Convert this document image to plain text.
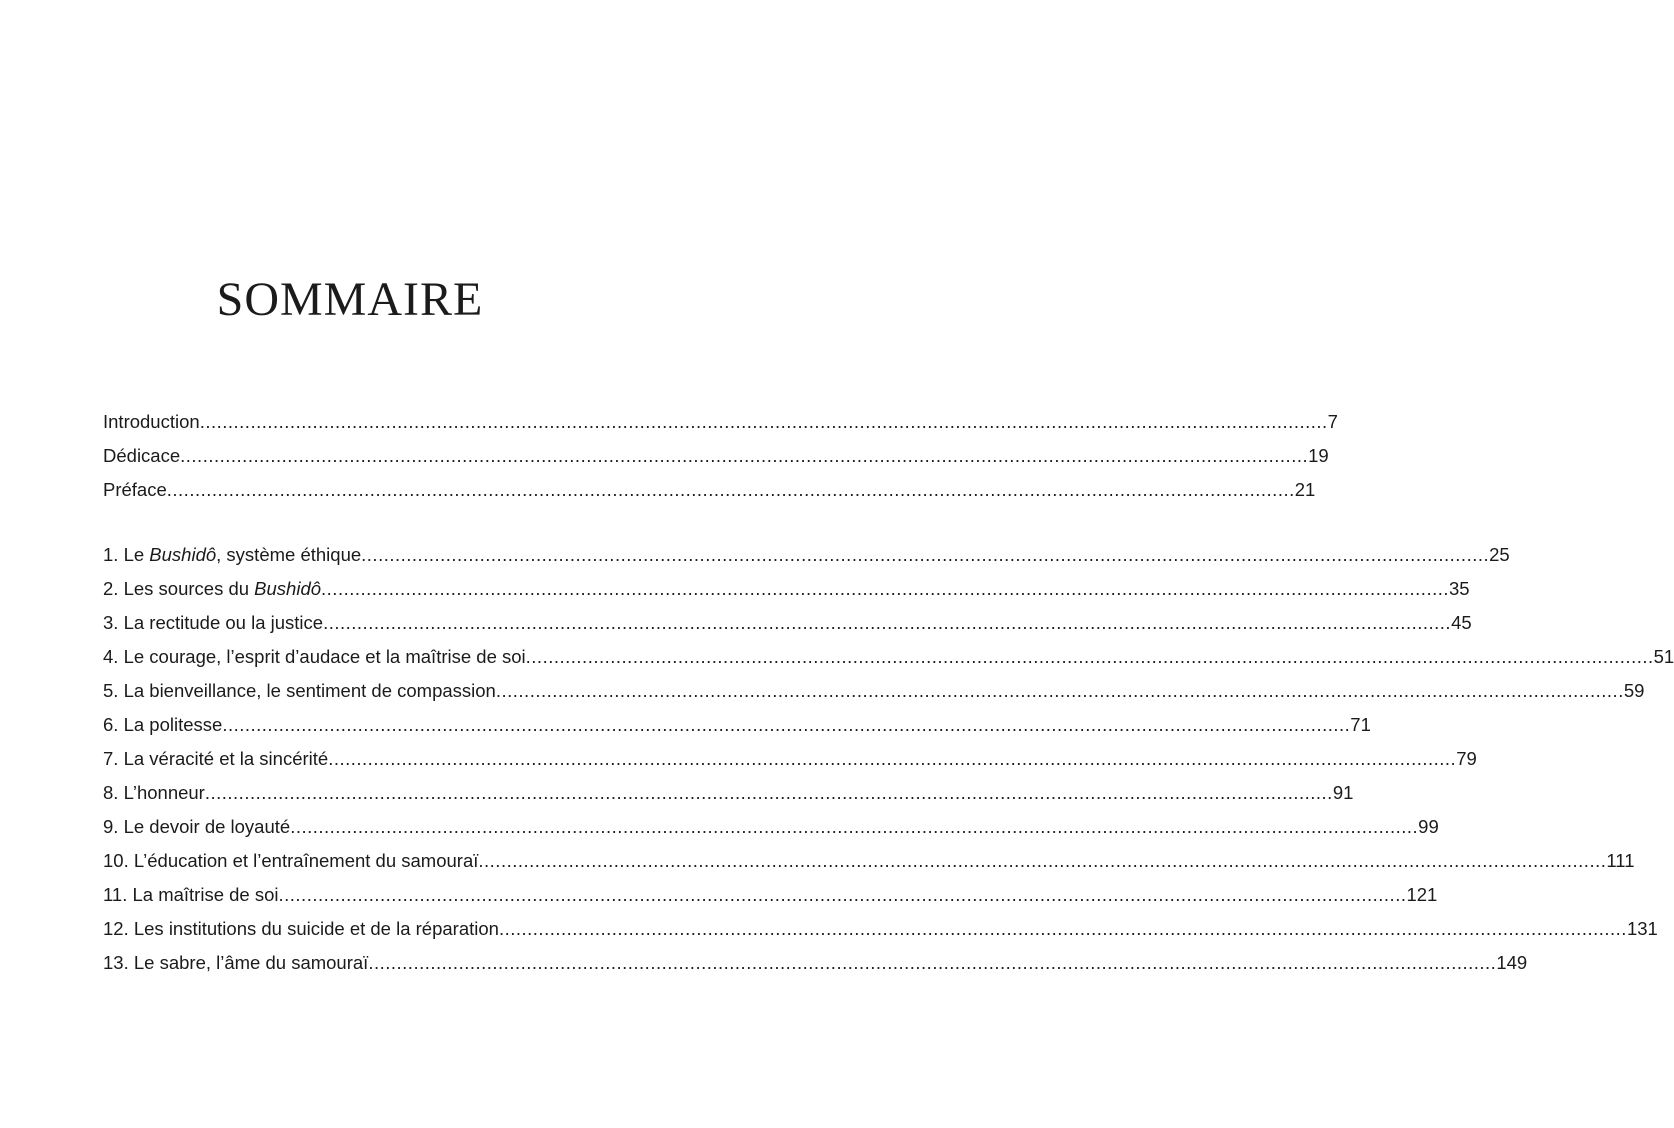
SOMMAIRE
Introduction ........................................................................................................................................................................................................ 7
Dédicace ........................................................................................................................................................................................................ 19
Préface ........................................................................................................................................................................................................ 21
1. Le Bushidô, système éthique ........................................................................................................................................................................................................ 25
2. Les sources du Bushidô ........................................................................................................................................................................................................ 35
3. La rectitude ou la justice ........................................................................................................................................................................................................ 45
4. Le courage, l’esprit d’audace et la maîtrise de soi ........................................................................................................................................................................................................ 51
5. La bienveillance, le sentiment de compassion ........................................................................................................................................................................................................ 59
6. La politesse ........................................................................................................................................................................................................ 71
7. La véracité et la sincérité ........................................................................................................................................................................................................ 79
8. L’honneur ........................................................................................................................................................................................................ 91
9. Le devoir de loyauté ........................................................................................................................................................................................................ 99
10. L’éducation et l’entraînement du samouraï ........................................................................................................................................................................................................ 111
11. La maîtrise de soi ........................................................................................................................................................................................................ 121
12. Les institutions du suicide et de la réparation ........................................................................................................................................................................................................ 131
13. Le sabre, l’âme du samouraï ........................................................................................................................................................................................................ 149
